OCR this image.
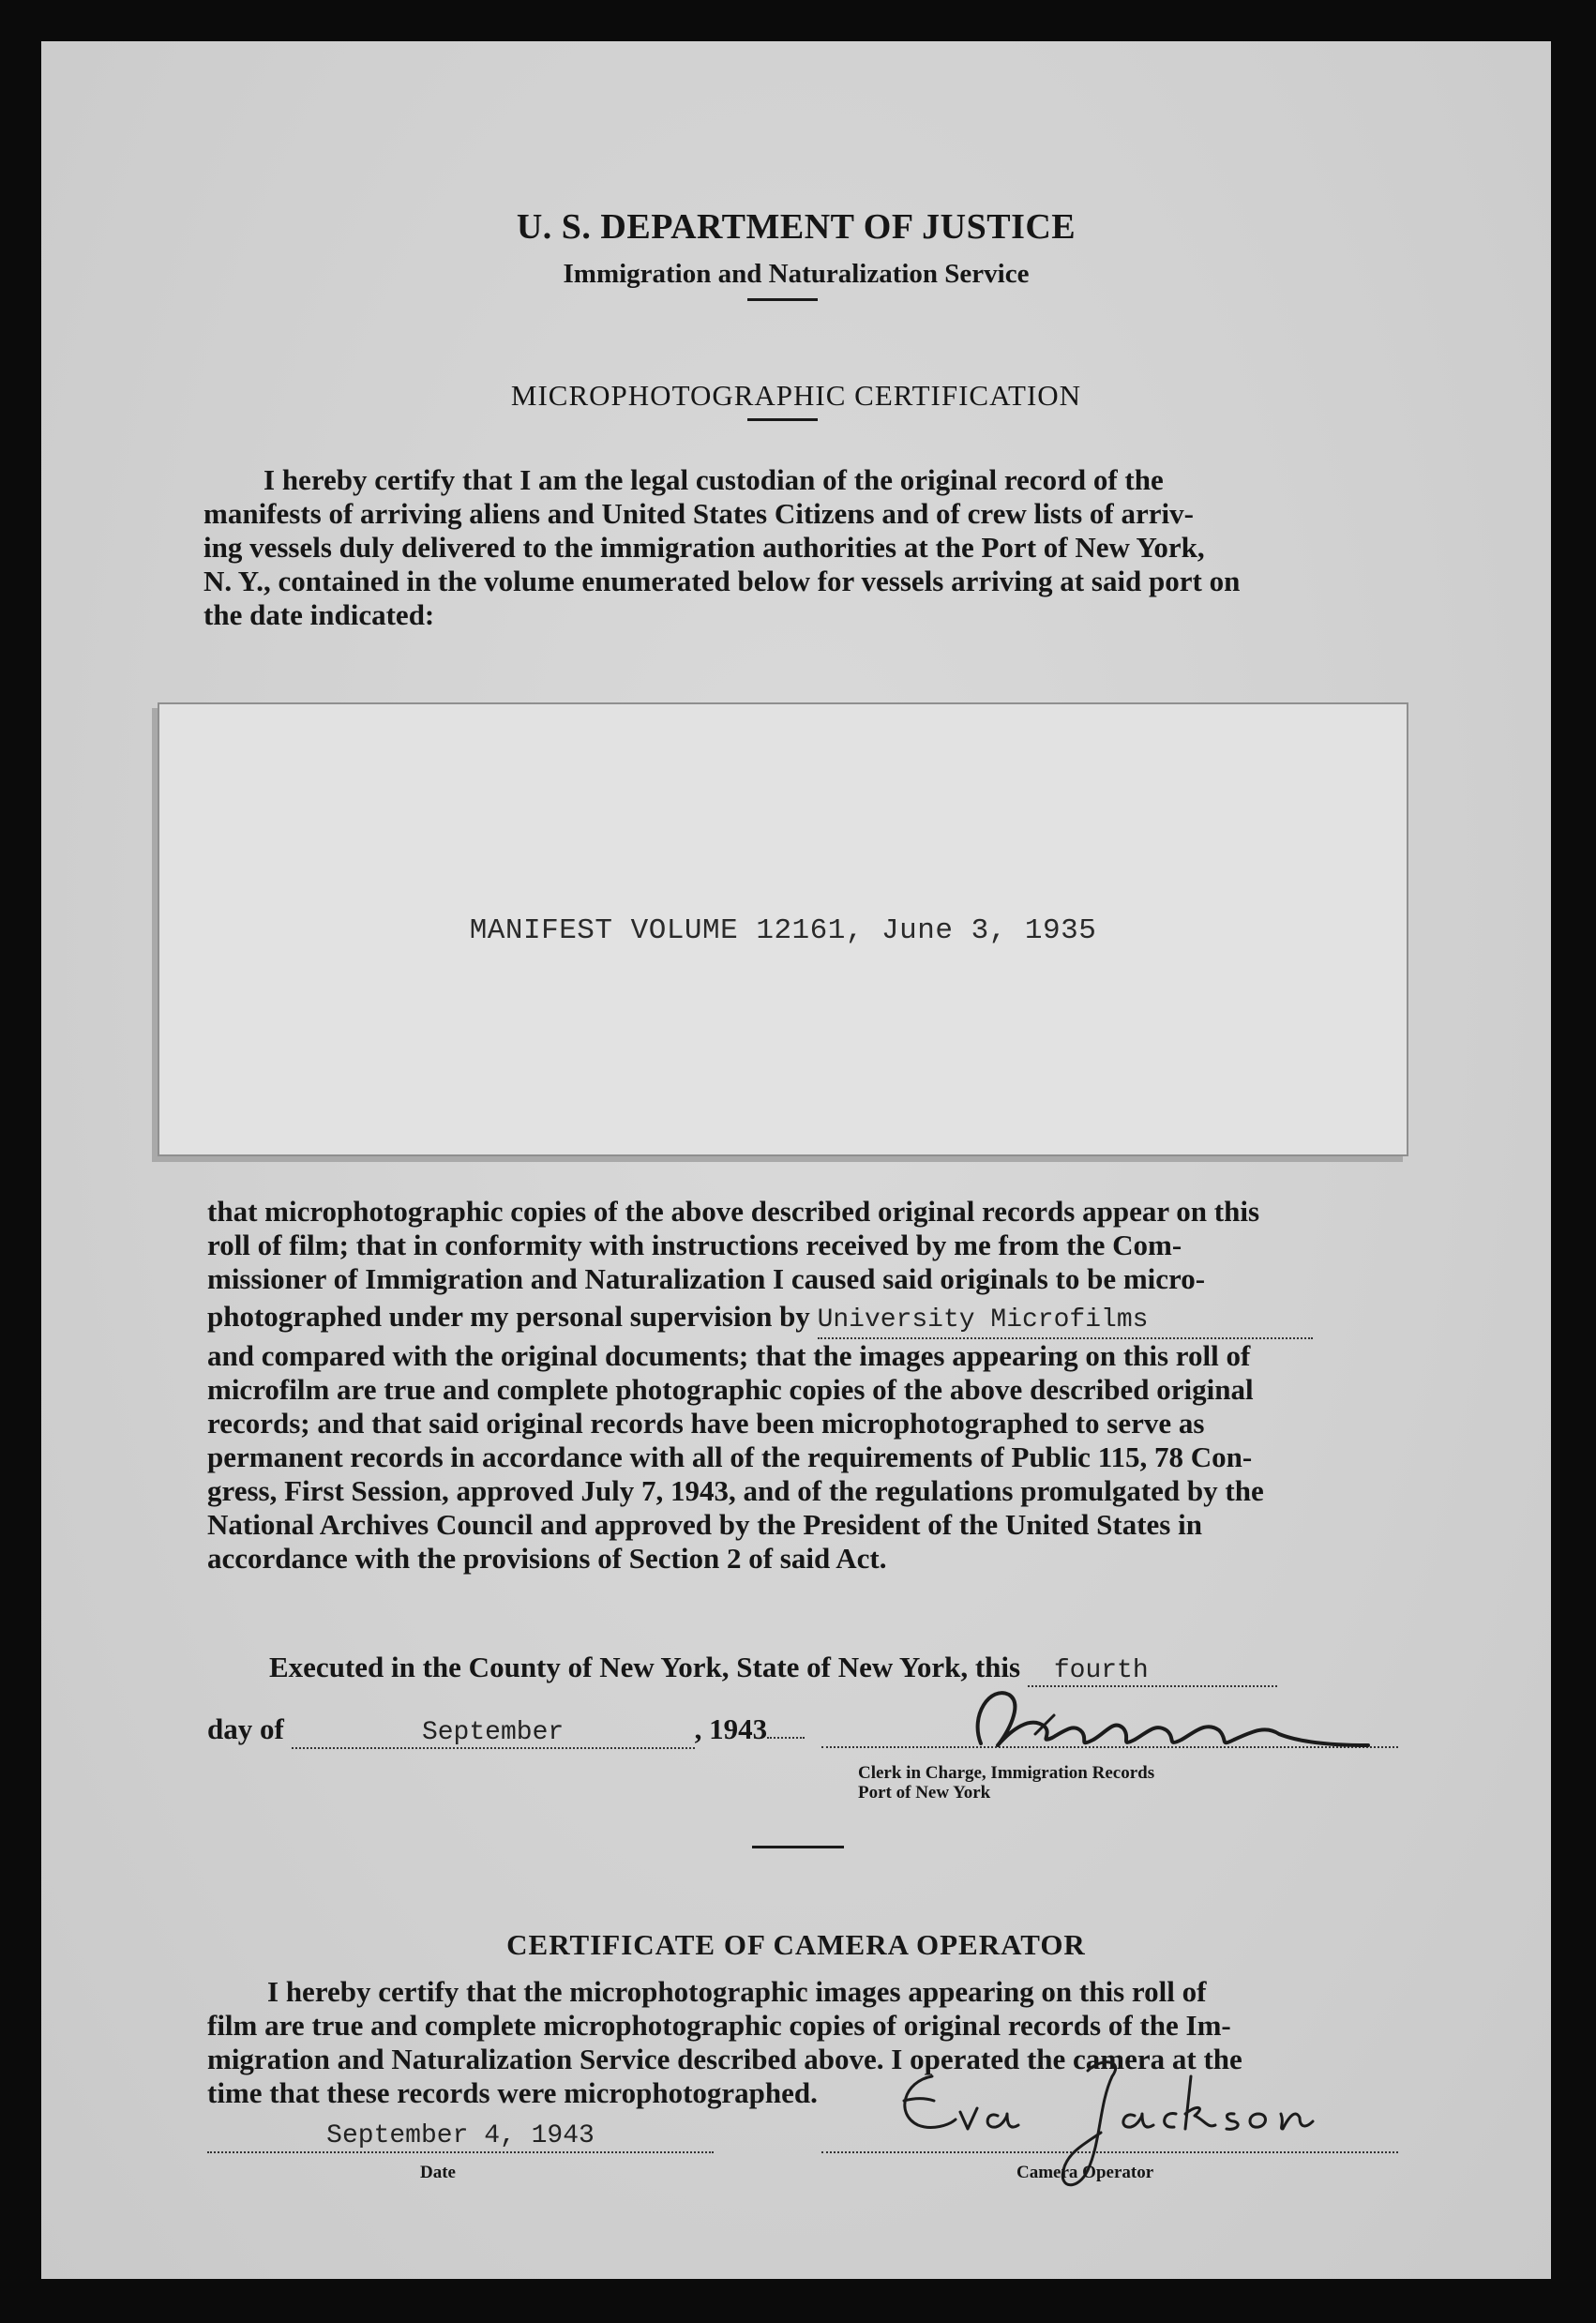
U. S. DEPARTMENT OF JUSTICE
Immigration and Naturalization Service
MICROPHOTOGRAPHIC CERTIFICATION

I hereby certify that I am the legal custodian of the original record of the

manifests of arriving aliens and United States Citizens and of crew lists of arriv-

ing vessels duly delivered to the immigration authorities at the Port of New York,

N. Y., contained in the volume enumerated below for vessels arriving at said port on

the date indicated:

MANIFEST VOLUME 12161, June 3, 1935

that microphotographic copies of the above described original records appear on this

roll of film; that in conformity with instructions received by me from the Com-

missioner of Immigration and Naturalization I caused said originals to be micro-

photographed under my personal supervision by University Microfilms

and compared with the original documents; that the images appearing on this roll of

microfilm are true and complete photographic copies of the above described original

records; and that said original records have been microphotographed to serve as

permanent records in accordance with all of the requirements of Public 115, 78 Con-

gress, First Session, approved July 7, 1943, and of the regulations promulgated by the

National Archives Council and approved by the President of the United States in

accordance with the provisions of Section 2 of said Act.

Executed in the County of New York, State of New York, this fourth
day of	September	, 1943
Clerk in Charge, Immigration Records
Port of New York
CERTIFICATE OF CAMERA OPERATOR

I hereby certify that the microphotographic images appearing on this roll of

film are true and complete microphotographic copies of original records of the Im-

migration and Naturalization Service described above. I operated the camera at the

time that these records were microphotographed.

September 4, 1943
Date	Camera Operator
